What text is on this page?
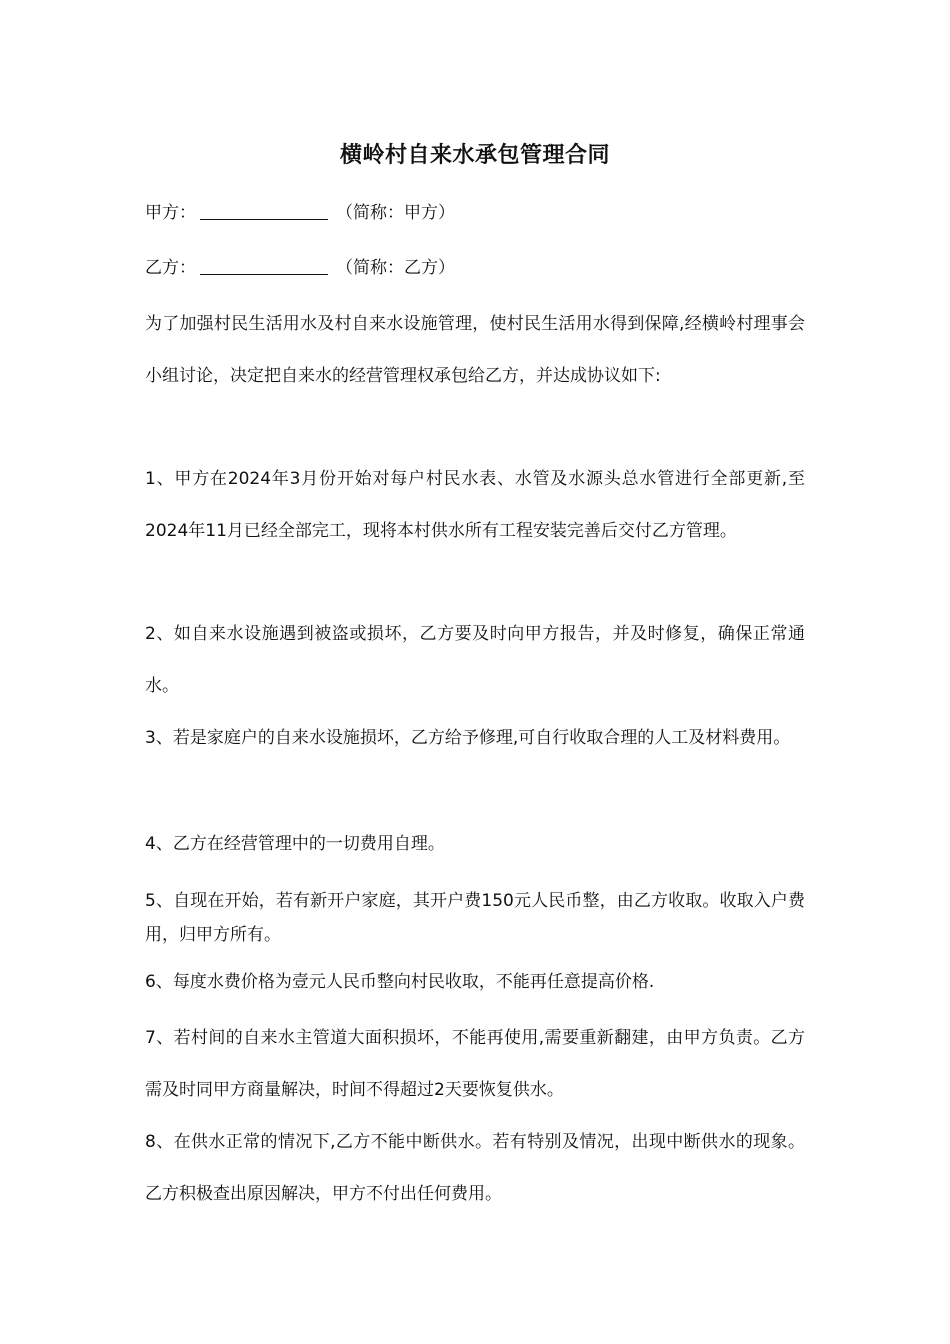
横岭村自来水承包管理合同
甲方：	（简称：甲方）
乙方：	（简称：乙方）
为了加强村民生活用水及村自来水设施管理，使村民生活用水得到保障,经横岭村理事会小组讨论，决定把自来水的经营管理权承包给乙方，并达成协议如下:
1、甲方在2024年3月份开始对每户村民水表、水管及水源头总水管进行全部更新,至2024年11月已经全部完工，现将本村供水所有工程安装完善后交付乙方管理。
2、如自来水设施遇到被盗或损坏，乙方要及时向甲方报告，并及时修复，确保正常通水。
3、若是家庭户的自来水设施损坏，乙方给予修理,可自行收取合理的人工及材料费用。
4、乙方在经营管理中的一切费用自理。
5、自现在开始，若有新开户家庭，其开户费150元人民币整，由乙方收取。收取入户费用，归甲方所有。
6、每度水费价格为壹元人民币整向村民收取，不能再任意提高价格.
7、若村间的自来水主管道大面积损坏，不能再使用,需要重新翻建，由甲方负责。乙方需及时同甲方商量解决，时间不得超过2天要恢复供水。
8、在供水正常的情况下,乙方不能中断供水。若有特别及情况，出现中断供水的现象。乙方积极查出原因解决，甲方不付出任何费用。
